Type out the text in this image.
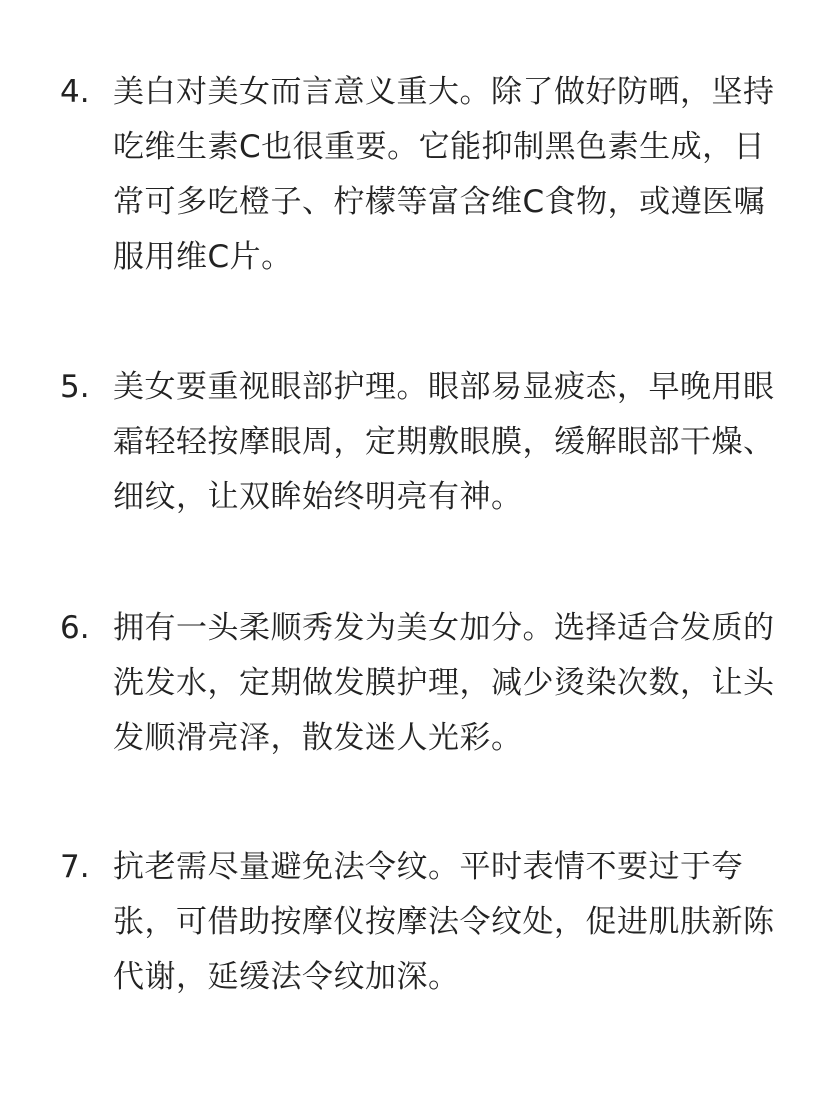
4. 美白对美女而言意义重大。除了做好防晒，坚持吃维生素C也很重要。它能抑制黑色素生成，日常可多吃橙子、柠檬等富含维C食物，或遵医嘱服用维C片。
5. 美女要重视眼部护理。眼部易显疲态，早晚用眼霜轻轻按摩眼周，定期敷眼膜，缓解眼部干燥、细纹，让双眸始终明亮有神。
6. 拥有一头柔顺秀发为美女加分。选择适合发质的洗发水，定期做发膜护理，减少烫染次数，让头发顺滑亮泽，散发迷人光彩。
7. 抗老需尽量避免法令纹。平时表情不要过于夸张，可借助按摩仪按摩法令纹处，促进肌肤新陈代谢，延缓法令纹加深。
